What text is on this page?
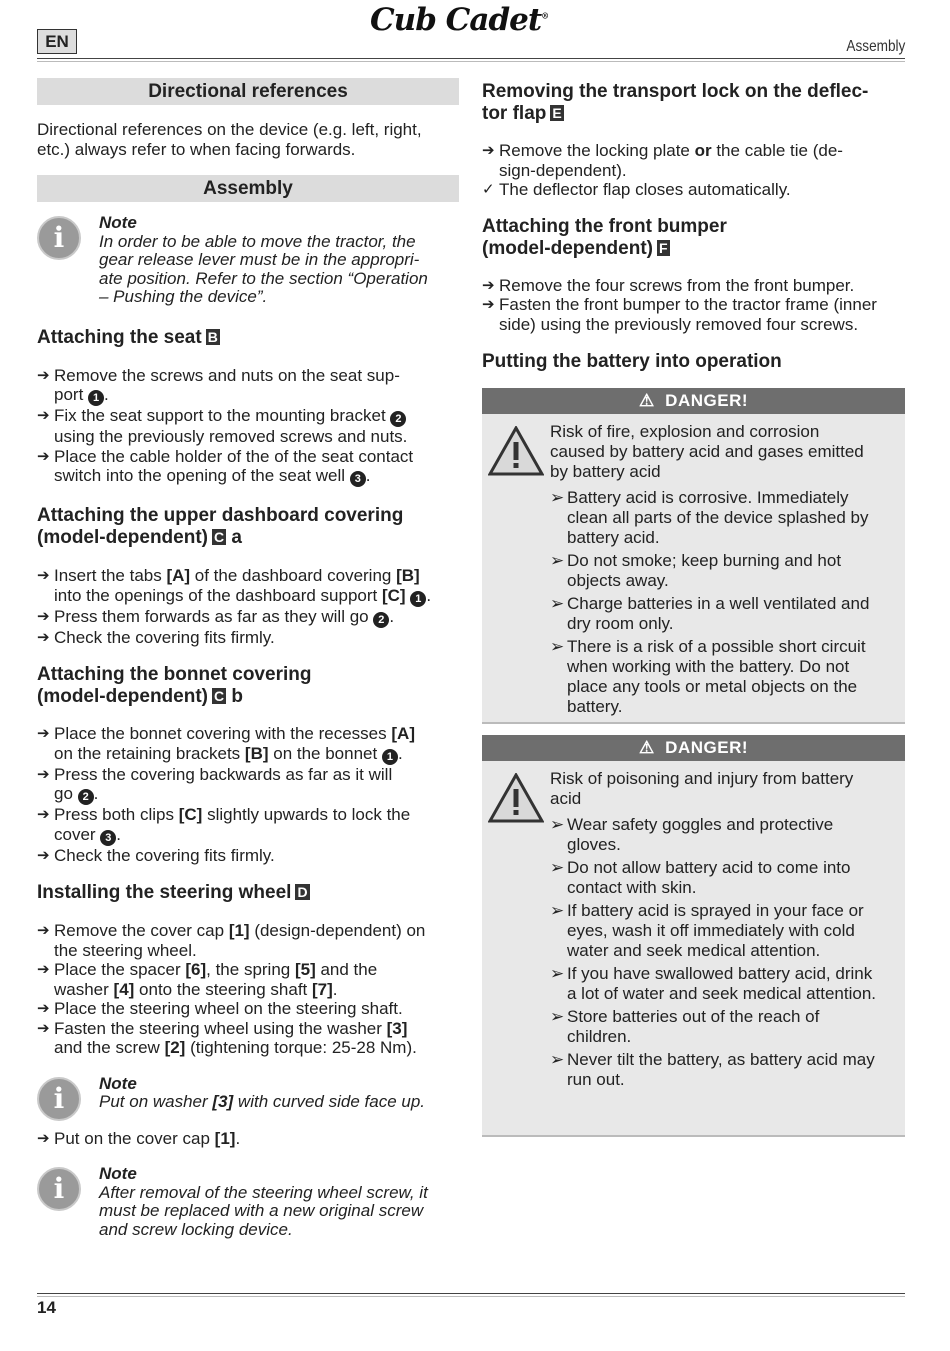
EN
Cub Cadet®
Assembly
Directional references

Directional references on the device (e.g. left, right, etc.) always refer to when facing forwards.

Assembly
i	Note
In order to be able to move the tractor, the
gear release lever must be in the appropri-
ate position. Refer to the section “Operation
– Pushing the device”.
Attaching the seat B
➔ Remove the screws and nuts on the seat sup-
port 1 .
➔ Fix the seat support to the mounting bracket 2
using the previously removed screws and nuts.
➔ Place the cable holder of the of the seat contact
switch into the opening of the seat well 3 .
Attaching the upper dashboard covering
(model-dependent) C a
➔ Insert the tabs [A] of the dashboard covering [B]
into the openings of the dashboard support [C] 1 .
➔ Press them forwards as far as they will go 2 .
➔ Check the covering fits firmly.
Attaching the bonnet covering
(model-dependent) C b
➔ Place the bonnet covering with the recesses [A]
on the retaining brackets [B] on the bonnet 1 .
➔ Press the covering backwards as far as it will
go 2 .
➔ Press both clips [C] slightly upwards to lock the
cover 3 .
➔ Check the covering fits firmly.
Installing the steering wheel D
➔ Remove the cover cap [1] (design-dependent) on
the steering wheel.
➔ Place the spacer [6], the spring [5] and the
washer [4] onto the steering shaft [7].
➔ Place the steering wheel on the steering shaft.
➔ Fasten the steering wheel using the washer [3]
and the screw [2] (tightening torque: 25-28 Nm).
i	Note
Put on washer [3] with curved side face up.
➔ Put on the cover cap [1].
i	Note
After removal of the steering wheel screw, it
must be replaced with a new original screw
and screw locking device.
Removing the transport lock on the deflec-
tor flap E
➔ Remove the locking plate or the cable tie (de-
sign-dependent).
✓ The deflector flap closes automatically.
Attaching the front bumper
(model-dependent) F
➔ Remove the four screws from the front bumper.
➔ Fasten the front bumper to the tractor frame (inner
side) using the previously removed four screws.
Putting the battery into operation
⚠ DANGER!
Risk of fire, explosion and corrosion
caused by battery acid and gases emitted
by battery acid
➢ Battery acid is corrosive. Immediately
clean all parts of the device splashed by
battery acid.
➢ Do not smoke; keep burning and hot
objects away.
➢ Charge batteries in a well ventilated and
dry room only.
➢ There is a risk of a possible short circuit
when working with the battery. Do not
place any tools or metal objects on the
battery.
⚠ DANGER!
Risk of poisoning and injury from battery
acid
➢ Wear safety goggles and protective
gloves.
➢ Do not allow battery acid to come into
contact with skin.
➢ If battery acid is sprayed in your face or
eyes, wash it off immediately with cold
water and seek medical attention.
➢ If you have swallowed battery acid, drink
a lot of water and seek medical attention.
➢ Store batteries out of the reach of
children.
➢ Never tilt the battery, as battery acid may
run out.
14
